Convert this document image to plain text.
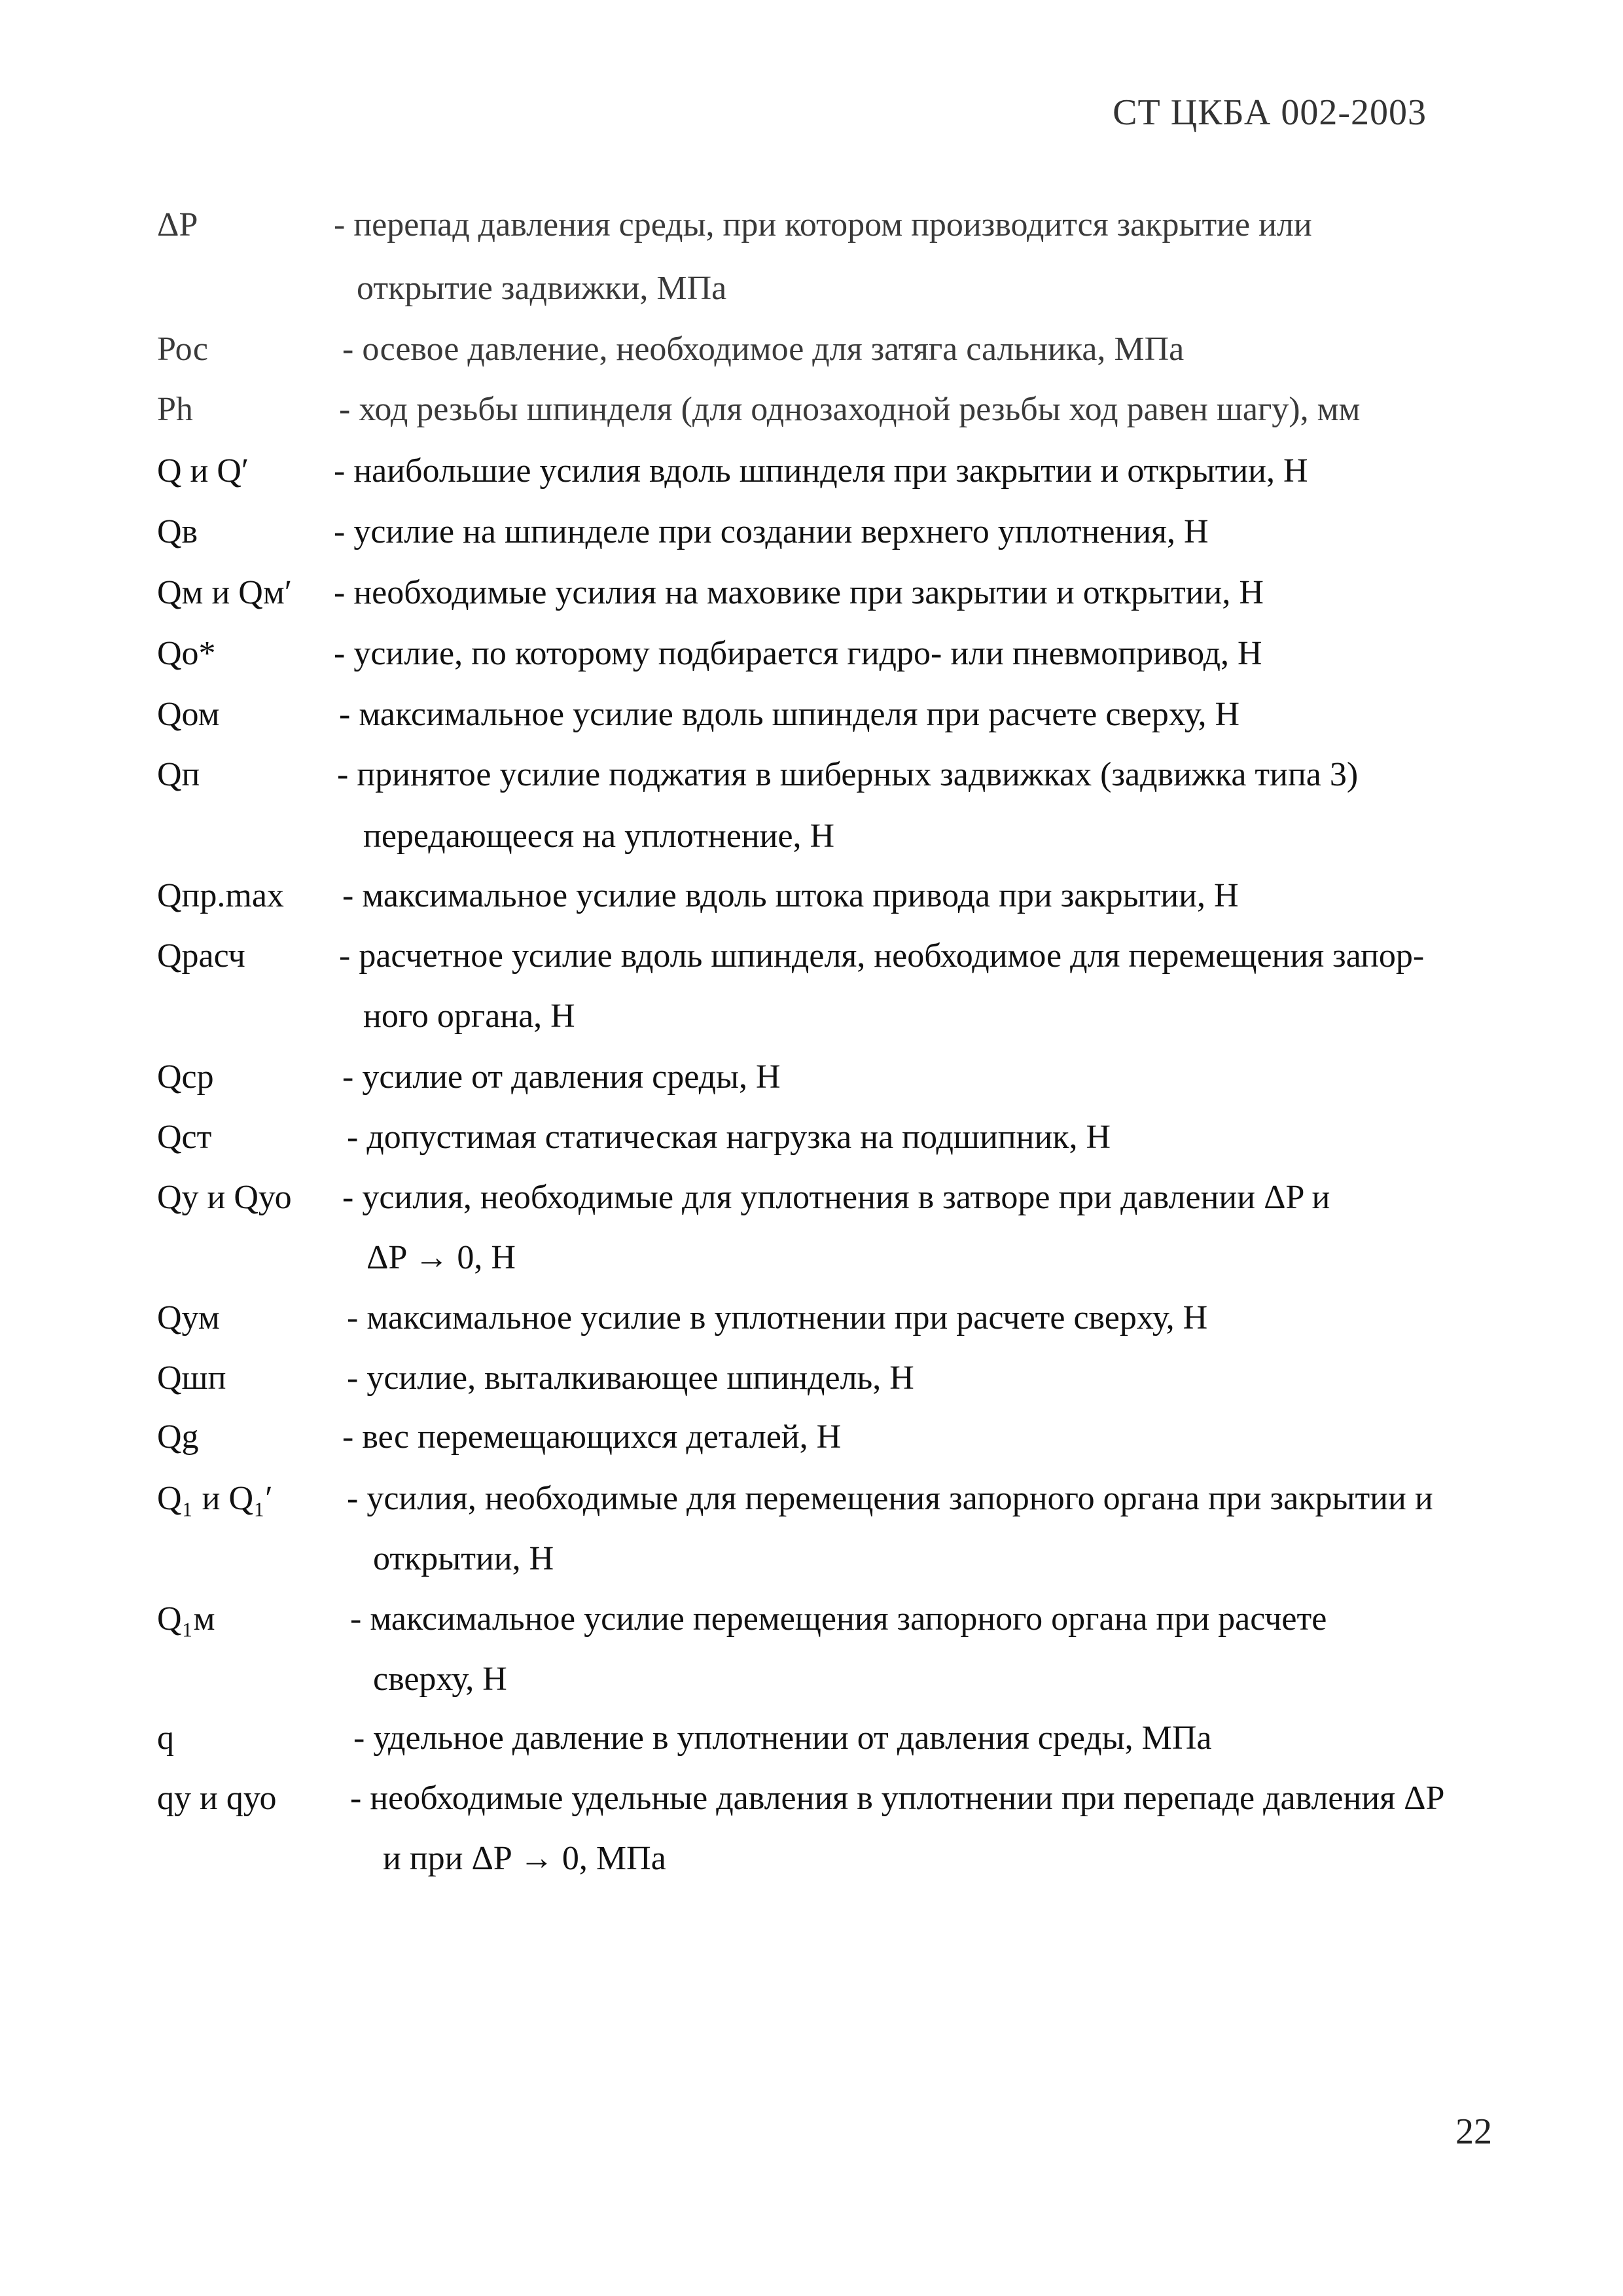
СТ ЦКБА 002-2003
ΔP	- перепад давления среды, при котором производится закрытие или
открытие задвижки, МПа
Рос	- осевое давление, необходимое для затяга сальника, МПа
Ph	- ход резьбы шпинделя (для однозаходной резьбы ход равен шагу), мм
Q и Q′ - наибольшие усилия вдоль шпинделя при закрытии и открытии, Н
Qв	- усилие на шпинделе при создании верхнего уплотнения, Н
Qм и Qм′ - необходимые усилия на маховике при закрытии и открытии, Н
Qo*	- усилие, по которому подбирается гидро- или пневмопривод, Н
Qом	- максимальное усилие вдоль шпинделя при расчете сверху, Н
Qп	- принятое усилие поджатия в шиберных задвижках (задвижка типа 3)
передающееся на уплотнение, Н
Qпр.max - максимальное усилие вдоль штока привода при закрытии, Н
Qрасч	- расчетное усилие вдоль шпинделя, необходимое для перемещения запор-
ного органа, Н
Qср	- усилие от давления среды, Н
Qст	- допустимая статическая нагрузка на подшипник, Н
Qу и Qуо - усилия, необходимые для уплотнения в затворе при давлении ΔP и
ΔP → 0, Н
Qум	- максимальное усилие в уплотнении при расчете сверху, Н
Qшп	- усилие, выталкивающее шпиндель, Н
Qg	- вес перемещающихся деталей, Н
Q₁ и Q₁′ - усилия, необходимые для перемещения запорного органа при закрытии и
открытии, Н
Q₁м	- максимальное усилие перемещения запорного органа при расчете
сверху, Н
q	- удельное давление в уплотнении от давления среды, МПа
qу и qуо - необходимые удельные давления в уплотнении при перепаде давления ΔP
и при ΔP → 0, МПа
22
